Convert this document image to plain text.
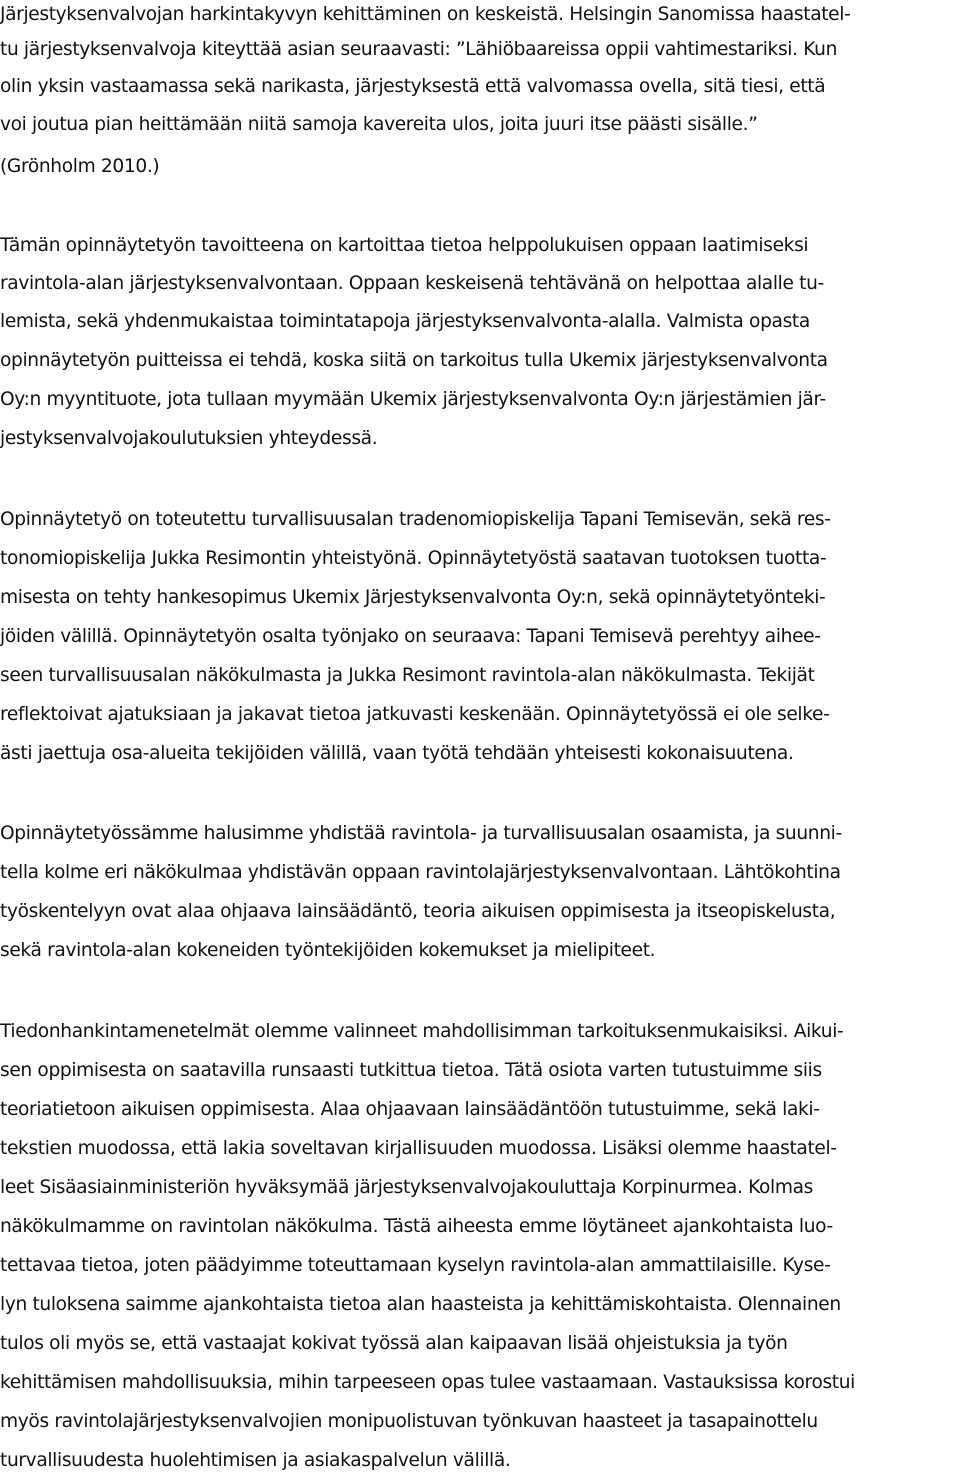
Järjestyksenvalvojan harkintakyvyn kehittäminen on keskeistä. Helsingin Sanomissa haastatel-
tu järjestyksenvalvoja kiteyttää asian seuraavasti: ”Lähiöbaareissa oppii vahtimestariksi. Kun
olin yksin vastaamassa sekä narikasta, järjestyksestä että valvomassa ovella, sitä tiesi, että
voi joutua pian heittämään niitä samoja kavereita ulos, joita juuri itse päästi sisälle.”
(Grönholm 2010.)
Tämän opinnäytetyön tavoitteena on kartoittaa tietoa helppolukuisen oppaan laatimiseksi
ravintola-alan järjestyksenvalvontaan. Oppaan keskeisenä tehtävänä on helpottaa alalle tu-
lemista, sekä yhdenmukaistaa toimintatapoja järjestyksenvalvonta-alalla. Valmista opasta
opinnäytetyön puitteissa ei tehdä, koska siitä on tarkoitus tulla Ukemix järjestyksenvalvonta
Oy:n myyntituote, jota tullaan myymään Ukemix järjestyksenvalvonta Oy:n järjestämien jär-
jestyksenvalvojakoulutuksien yhteydessä.
Opinnäytetyö on toteutettu turvallisuusalan tradenomiopiskelija Tapani Temisevän, sekä res-
tonomiopiskelija Jukka Resimontin yhteistyönä. Opinnäytetyöstä saatavan tuotoksen tuotta-
misesta on tehty hankesopimus Ukemix Järjestyksenvalvonta Oy:n, sekä opinnäytetyönteki-
jöiden välillä. Opinnäytetyön osalta työnjako on seuraava: Tapani Temisevä perehtyy aihee-
seen turvallisuusalan näkökulmasta ja Jukka Resimont ravintola-alan näkökulmasta. Tekijät
reflektoivat ajatuksiaan ja jakavat tietoa jatkuvasti keskenään. Opinnäytetyössä ei ole selke-
ästi jaettuja osa-alueita tekijöiden välillä, vaan työtä tehdään yhteisesti kokonaisuutena.
Opinnäytetyössämme halusimme yhdistää ravintola- ja turvallisuusalan osaamista, ja suunni-
tella kolme eri näkökulmaa yhdistävän oppaan ravintolajärjestyksenvalvontaan. Lähtökohtina
työskentelyyn ovat alaa ohjaava lainsäädäntö, teoria aikuisen oppimisesta ja itseopiskelusta,
sekä ravintola-alan kokeneiden työntekijöiden kokemukset ja mielipiteet.
Tiedonhankintamenetelmät olemme valinneet mahdollisimman tarkoituksenmukaisiksi. Aikui-
sen oppimisesta on saatavilla runsaasti tutkittua tietoa. Tätä osiota varten tutustuimme siis
teoriatietoon aikuisen oppimisesta. Alaa ohjaavaan lainsäädäntöön tutustuimme, sekä laki-
tekstien muodossa, että lakia soveltavan kirjallisuuden muodossa. Lisäksi olemme haastatel-
leet Sisäasiainministeriön hyväksymää järjestyksenvalvojakouluttaja Korpinurmea. Kolmas
näkökulmamme on ravintolan näkökulma. Tästä aiheesta emme löytäneet ajankohtaista luo-
tettavaa tietoa, joten päädyimme toteuttamaan kyselyn ravintola-alan ammattilaisille. Kyse-
lyn tuloksena saimme ajankohtaista tietoa alan haasteista ja kehittämiskohtaista. Olennainen
tulos oli myös se, että vastaajat kokivat työssä alan kaipaavan lisää ohjeistuksia ja työn
kehittämisen mahdollisuuksia, mihin tarpeeseen opas tulee vastaamaan. Vastauksissa korostui
myös ravintolajärjestyksenvalvojien monipuolistuvan työnkuvan haasteet ja tasapainottelu
turvallisuudesta huolehtimisen ja asiakaspalvelun välillä.
